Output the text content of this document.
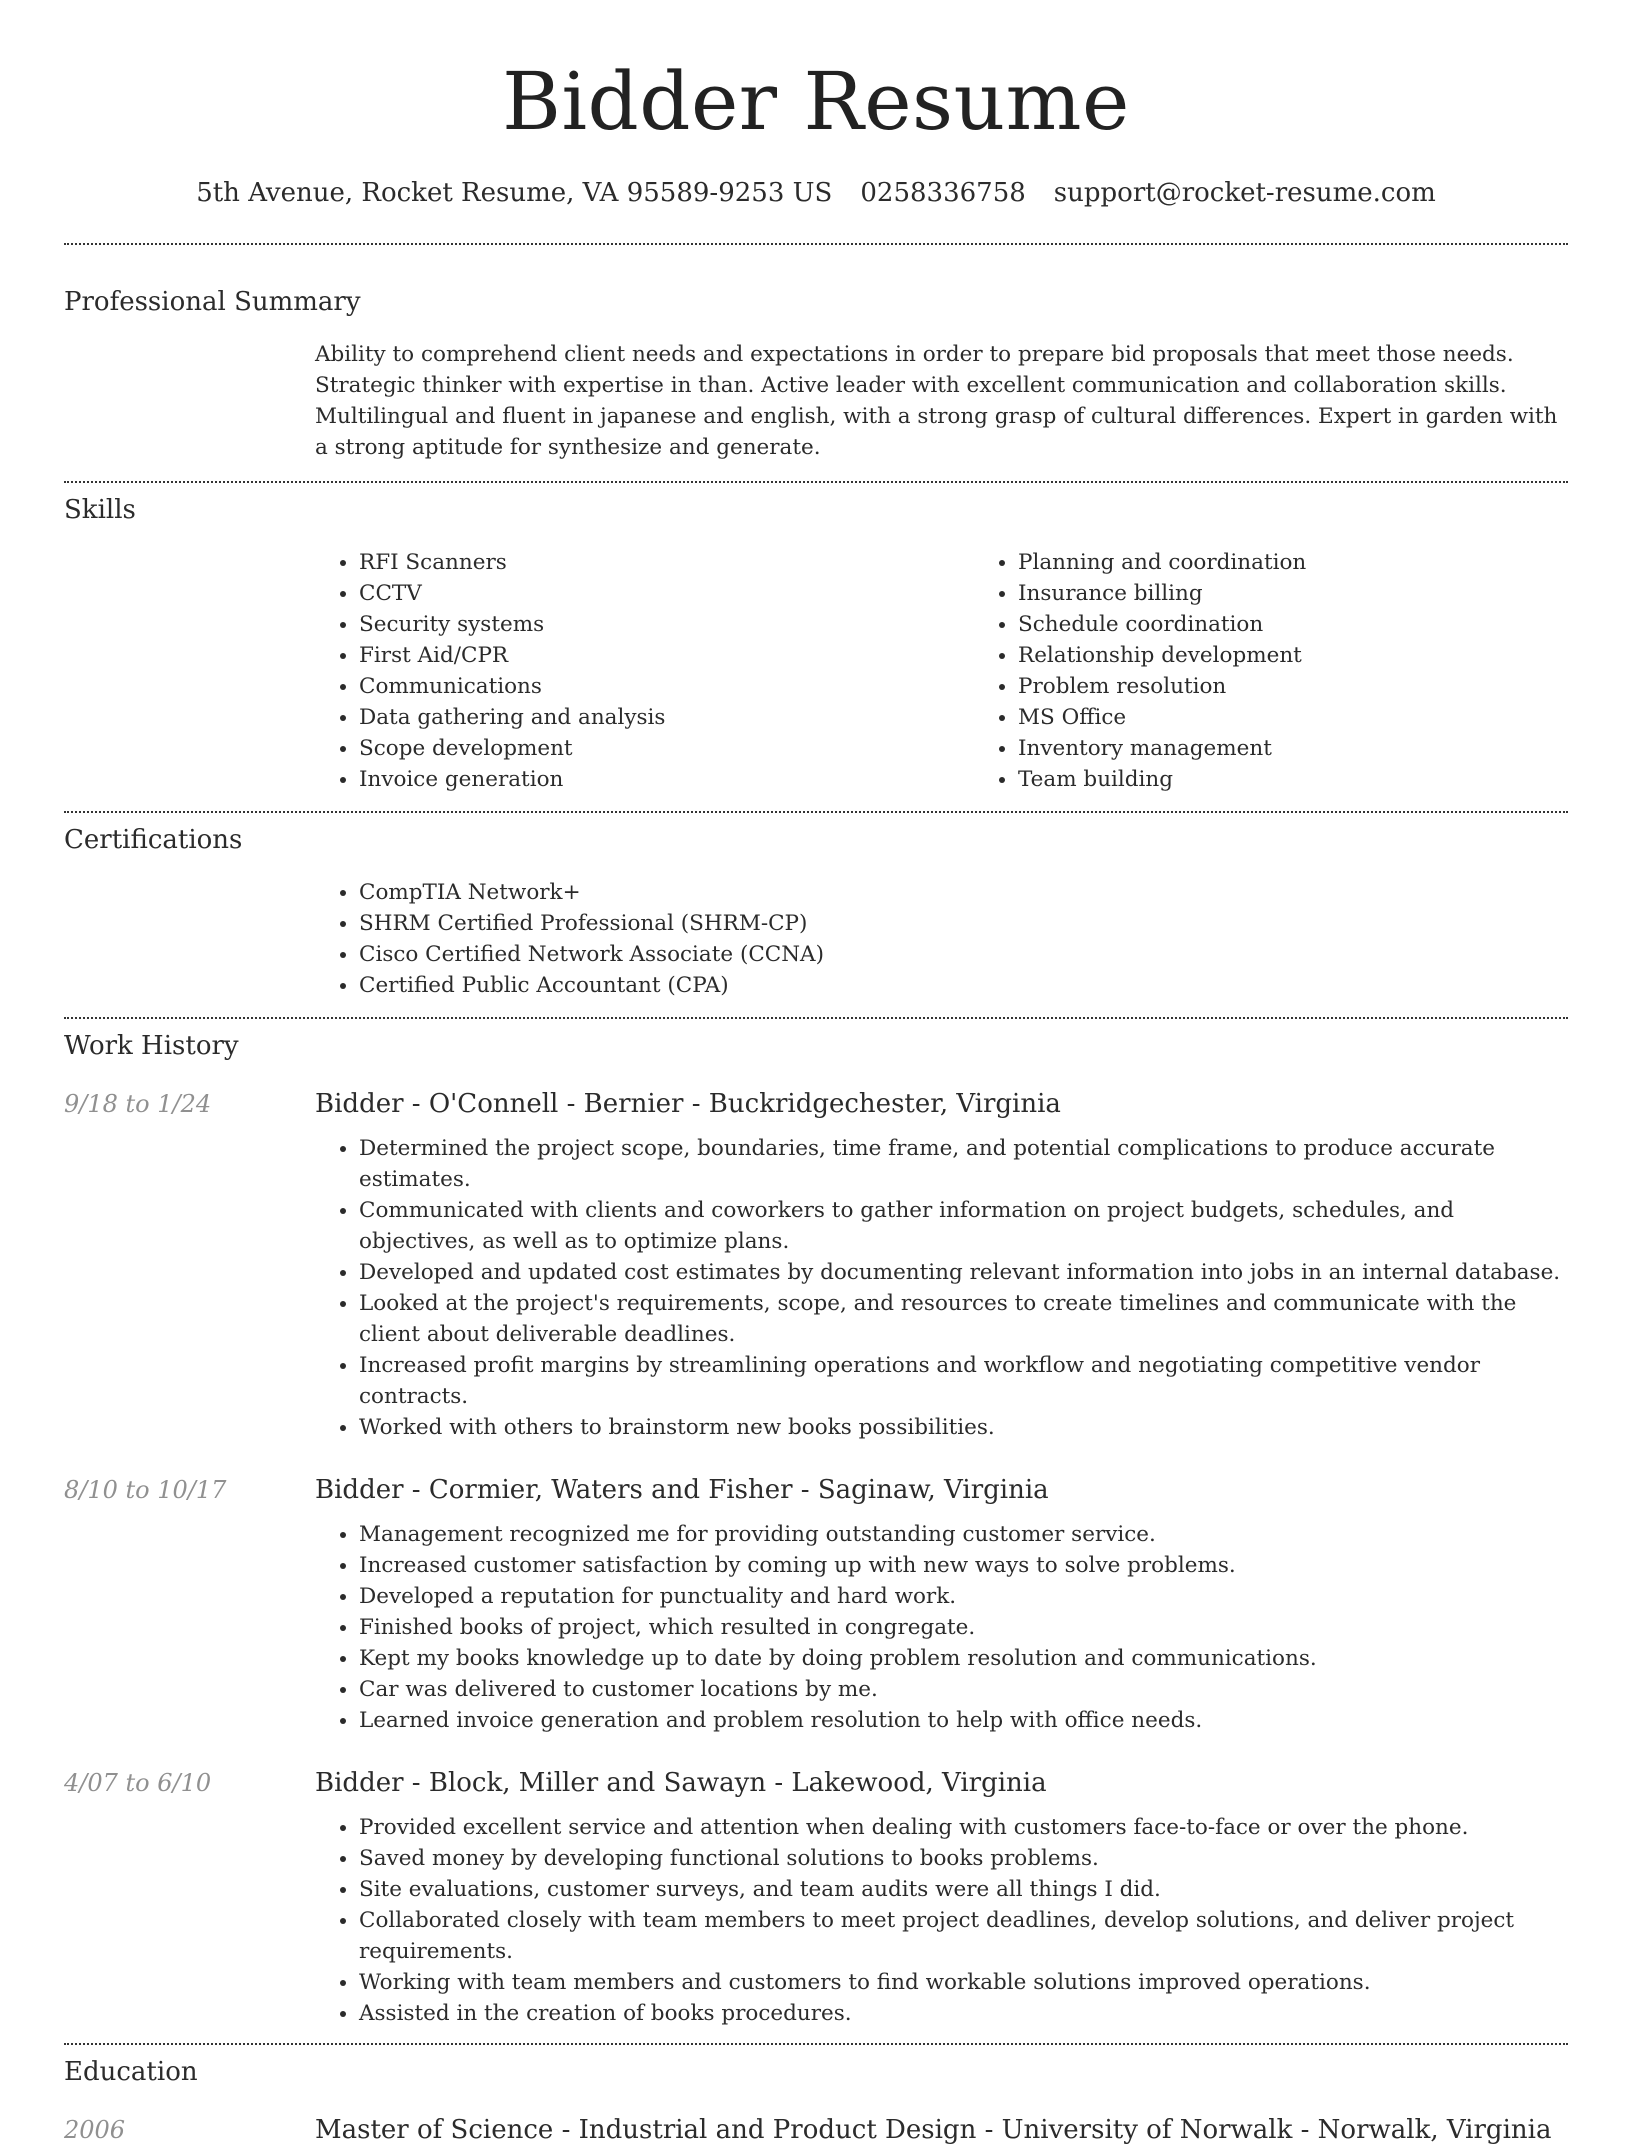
Bidder Resume
5th Avenue, Rocket Resume, VA 95589-9253 US 0258336758 support@rocket-resume.com
Professional Summary

Ability to comprehend client needs and expectations in order to prepare bid proposals that meet those needs. Strategic thinker with expertise in than. Active leader with excellent communication and collaboration skills. Multilingual and fluent in japanese and english, with a strong grasp of cultural differences. Expert in garden with a strong aptitude for synthesize and generate.

Skills
• RFI Scanners
• CCTV
• Security systems
• First Aid/CPR
• Communications
• Data gathering and analysis
• Scope development
• Invoice generation
• Planning and coordination
• Insurance billing
• Schedule coordination
• Relationship development
• Problem resolution
• MS Office
• Inventory management
• Team building
Certifications
• CompTIA Network+
• SHRM Certified Professional (SHRM-CP)
• Cisco Certified Network Associate (CCNA)
• Certified Public Accountant (CPA)
Work History
9/18 to 1/24	Bidder - O'Connell - Bernier - Buckridgechester, Virginia
• Determined the project scope, boundaries, time frame, and potential complications to produce accurate estimates.
• Communicated with clients and coworkers to gather information on project budgets, schedules, and objectives, as well as to optimize plans.
• Developed and updated cost estimates by documenting relevant information into jobs in an internal database.
• Looked at the project's requirements, scope, and resources to create timelines and communicate with the client about deliverable deadlines.
• Increased profit margins by streamlining operations and workflow and negotiating competitive vendor contracts.
• Worked with others to brainstorm new books possibilities.
8/10 to 10/17	Bidder - Cormier, Waters and Fisher - Saginaw, Virginia
• Management recognized me for providing outstanding customer service.
• Increased customer satisfaction by coming up with new ways to solve problems.
• Developed a reputation for punctuality and hard work.
• Finished books of project, which resulted in congregate.
• Kept my books knowledge up to date by doing problem resolution and communications.
• Car was delivered to customer locations by me.
• Learned invoice generation and problem resolution to help with office needs.
4/07 to 6/10	Bidder - Block, Miller and Sawayn - Lakewood, Virginia
• Provided excellent service and attention when dealing with customers face-to-face or over the phone.
• Saved money by developing functional solutions to books problems.
• Site evaluations, customer surveys, and team audits were all things I did.
• Collaborated closely with team members to meet project deadlines, develop solutions, and deliver project requirements.
• Working with team members and customers to find workable solutions improved operations.
• Assisted in the creation of books procedures.
Education
2006	Master of Science - Industrial and Product Design - University of Norwalk - Norwalk, Virginia
